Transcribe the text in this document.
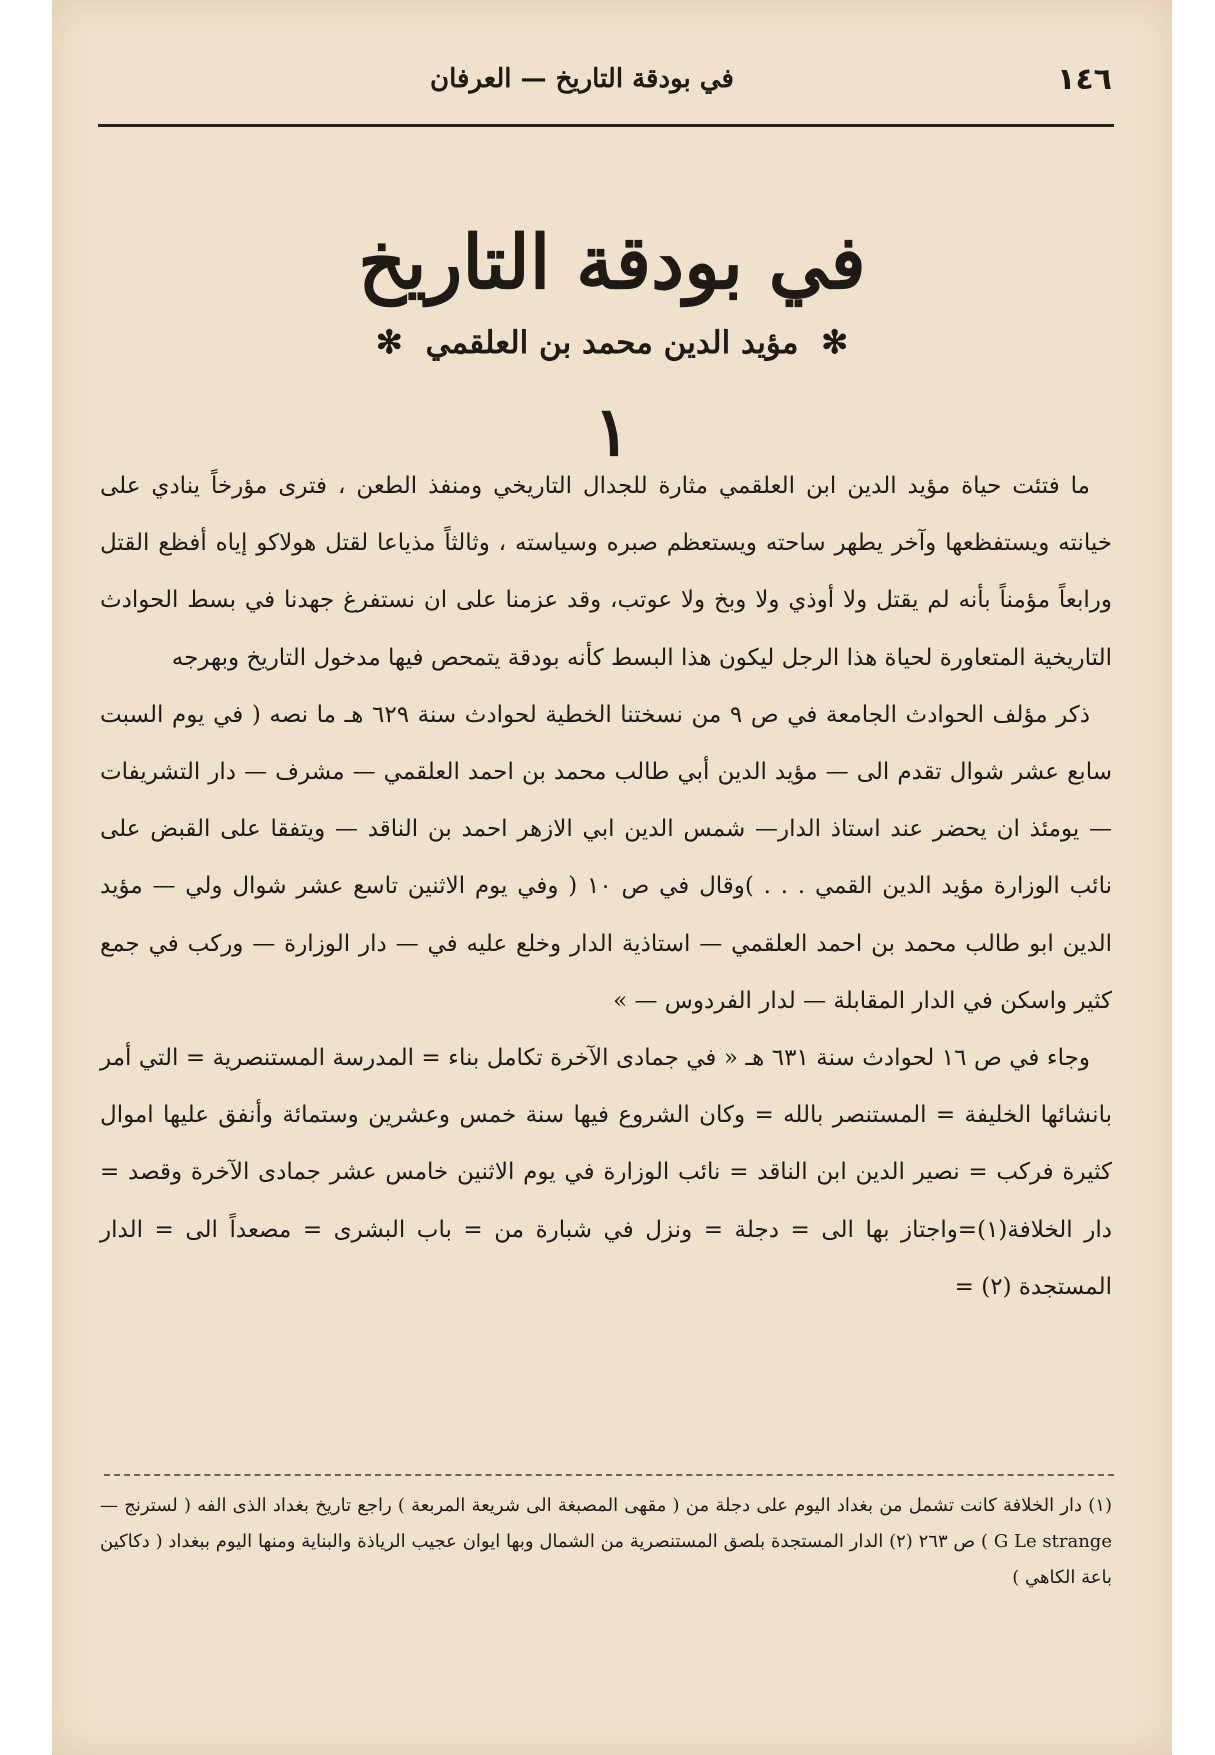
١٤٦
في بودقة التاريخ — العرفان
في بودقة التاريخ
✻ مؤيد الدين محمد بن العلقمي ✻
١

ما فتئت حياة مؤيد الدين ابن العلقمي مثارة للجدال التاريخي ومنفذ الطعن ، فترى مؤرخاً ينادي على خيانته ويستفظعها وآخر يطهر ساحته ويستعظم صبره وسياسته ، وثالثاً مذياعا لقتل هولاكو إياه أفظع القتل ورابعاً مؤمناً بأنه لم يقتل ولا أوذي ولا وبخ ولا عوتب، وقد عزمنا على ان نستفرغ جهدنا في بسط الحوادث التاريخية المتعاورة لحياة هذا الرجل ليكون هذا البسط كأنه بودقة يتمحص فيها مدخول التاريخ وبهرجه

ذكر مؤلف الحوادث الجامعة في ص ٩ من نسختنا الخطية لحوادث سنة ٦٢٩ هـ ما نصه ( في يوم السبت سابع عشر شوال تقدم الى — مؤيد الدين أبي طالب محمد بن احمد العلقمي — مشرف — دار التشريفات — يومئذ ان يحضر عند استاذ الدار— شمس الدين ابي الازهر احمد بن الناقد — ويتفقا على القبض على نائب الوزارة مؤيد الدين القمي . . . )وقال في ص ١٠ ( وفي يوم الاثنين تاسع عشر شوال ولي — مؤيد الدين ابو طالب محمد بن احمد العلقمي — استاذية الدار وخلع عليه في — دار الوزارة — وركب في جمع كثير واسكن في الدار المقابلة — لدار الفردوس — »

وجاء في ص ١٦ لحوادث سنة ٦٣١ هـ « في جمادى الآخرة تكامل بناء = المدرسة المستنصرية = التي أمر بانشائها الخليفة = المستنصر بالله = وكان الشروع فيها سنة خمس وعشرين وستمائة وأنفق عليها اموال كثيرة فركب = نصير الدين ابن الناقد = نائب الوزارة في يوم الاثنين خامس عشر جمادى الآخرة وقصد = دار الخلافة(١)=واجتاز بها الى = دجلة = ونزل في شبارة من = باب البشرى = مصعداً الى = الدار المستجدة (٢) =

(١) دار الخلافة كانت تشمل من بغداد اليوم على دجلة من ( مقهى المصبغة الى شريعة المربعة ) راجع تاريخ بغداد الذى الفه ( لسترنج — G Le strange ) ص ٢٦٣ (٢) الدار المستجدة بلصق المستنصرية من الشمال وبها ايوان عجيب الرياذة والبناية ومنها اليوم ببغداد ( دكاكين باعة الكاهي )
